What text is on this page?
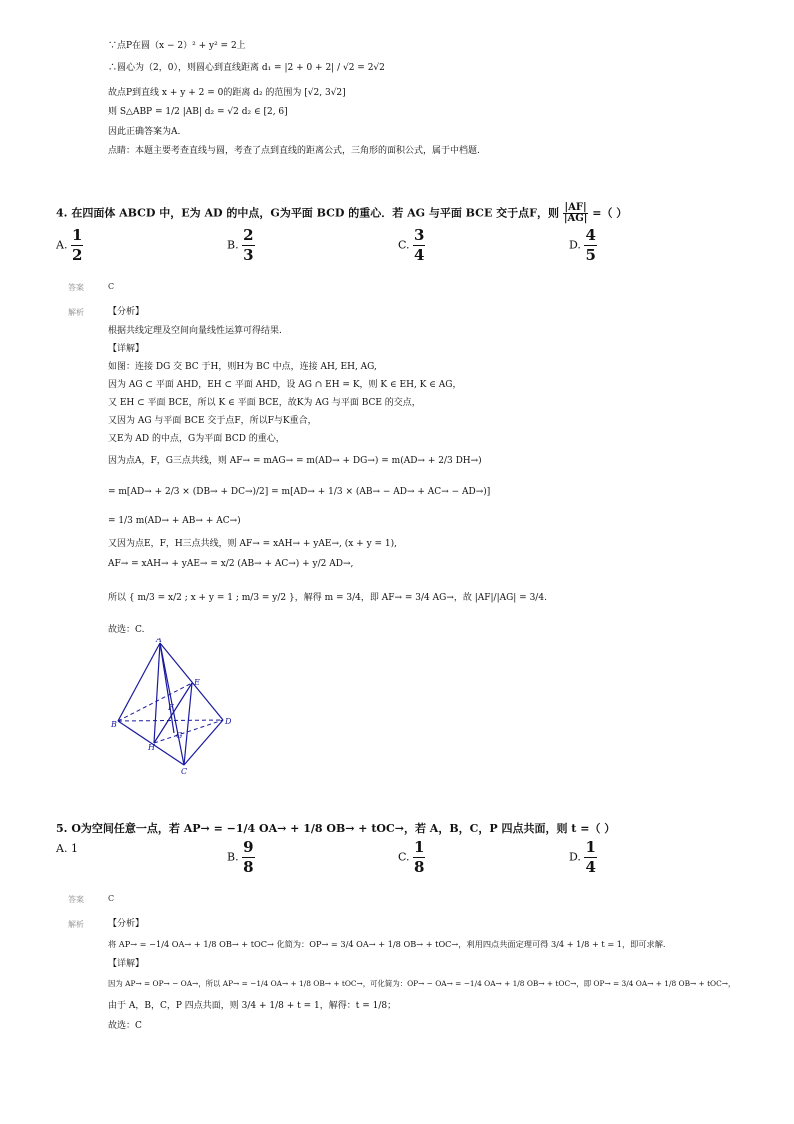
∵点P在圆（x − 2）² + y² = 2上
∴圆心为（2，0），则圆心到直线距离 d₁ = |2 + 0 + 2| / √2 = 2√2
故点P到直线 x + y + 2 = 0的距离 d₂ 的范围为 [√2, 3√2]
则 S△ABP = 1/2 |AB| d₂ = √2 d₂ ∈ [2, 6]
因此正确答案为A.
点睛：本题主要考查直线与圆，考查了点到直线的距离公式，三角形的面积公式，属于中档题.
4. 在四面体 ABCD 中，E为 AD 的中点，G为平面 BCD 的重心．若 AG 与平面 BCE 交于点F，则 $\frac{|AF|}{|AG|}$ =（ ）
A. $\frac{1}{2}$	B. $\frac{2}{3}$	C. $\frac{3}{4}$	D. $\frac{4}{5}$
答案	C
解析	【分析】
根据共线定理及空间向量线性运算可得结果.
【详解】
如图：连接 DG 交 BC 于H，则H为 BC 中点，连接 AH, EH, AG,
因为 AG ⊂ 平面 AHD，EH ⊂ 平面 AHD，设 AG ∩ EH = K，则 K ∈ EH, K ∈ AG，
又 EH ⊂ 平面 BCE，所以 K ∈ 平面 BCE，故K为 AG 与平面 BCE 的交点，
又因为 AG 与平面 BCE 交于点F，所以F与K重合，
又E为 AD 的中点，G为平面 BCD 的重心，
因为点A，F，G三点共线，则 AF→ = mAG→ = m(AD→ + DG→) = m(AD→ + 2/3 DH→)
= m[AD→ + 2/3 × (DB→ + DC→)/2] = m[AD→ + 1/3 × (AB→ − AD→ + AC→ − AD→)]
= 1/3 m(AD→ + AB→ + AC→)
又因为点E，F，H三点共线，则 AF→ = xAH→ + yAE→, (x + y = 1),
AF→ = xAH→ + yAE→ = x/2 (AB→ + AC→) + y/2 AD→,
所以 { m/3 = x/2 ; x + y = 1 ; m/3 = y/2 }，解得 m = 3/4，即 AF→ = 3/4 AG→，故 |AF|/|AG| = 3/4.
故选：C.
A
B
C
D
E
F
G
H
5. O为空间任意一点，若 AP→ = −1/4 OA→ + 1/8 OB→ + tOC→，若 A，B，C，P 四点共面，则 t =（ ）
A. 1
B. $\frac{9}{8}$	C. $\frac{1}{8}$	D. $\frac{1}{4}$
答案	C
解析	【分析】
将 AP→ = −1/4 OA→ + 1/8 OB→ + tOC→ 化简为：OP→ = 3/4 OA→ + 1/8 OB→ + tOC→，利用四点共面定理可得 3/4 + 1/8 + t = 1，即可求解.
【详解】
因为 AP→ = OP→ − OA→，所以 AP→ = −1/4 OA→ + 1/8 OB→ + tOC→，可化简为：OP→ − OA→ = −1/4 OA→ + 1/8 OB→ + tOC→，即 OP→ = 3/4 OA→ + 1/8 OB→ + tOC→，
由于 A，B，C，P 四点共面，则 3/4 + 1/8 + t = 1，解得：t = 1/8；
故选：C
